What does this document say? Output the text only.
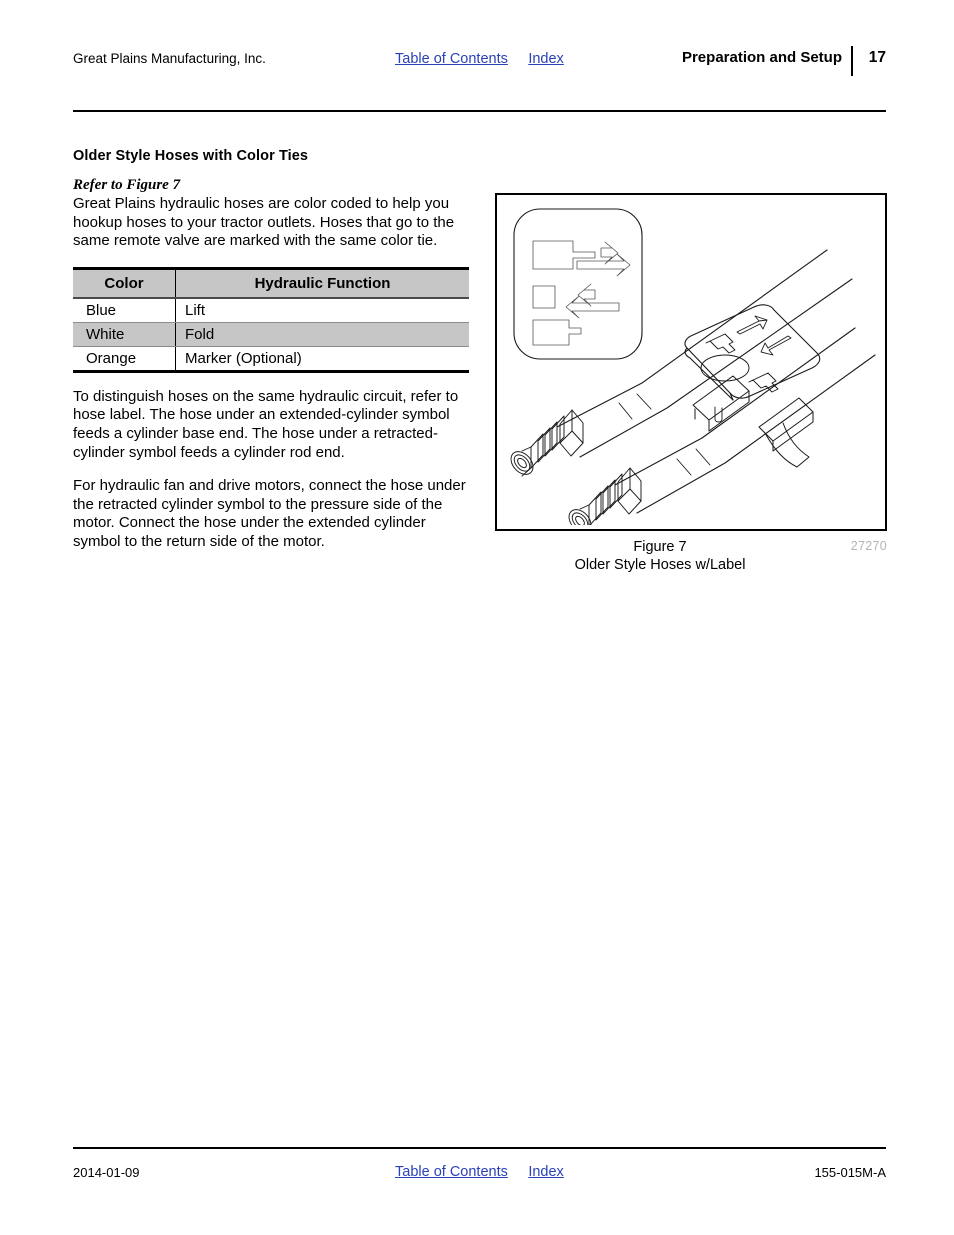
Great Plains Manufacturing, Inc.	Table of Contents Index	Preparation and Setup 17
Older Style Hoses with Color Ties

Refer to Figure 7

Great Plains hydraulic hoses are color coded to help you hookup hoses to your tractor outlets. Hoses that go to the same remote valve are marked with the same color tie.

Color	Hydraulic Function
Blue	Lift
White	Fold
Orange	Marker (Optional)

To distinguish hoses on the same hydraulic circuit, refer to hose label. The hose under an extended-cylinder symbol feeds a cylinder base end. The hose under a retracted-cylinder symbol feeds a cylinder rod end.

For hydraulic fan and drive motors, connect the hose under the retracted cylinder symbol to the pressure side of the motor. Connect the hose under the extended cylinder symbol to the return side of the motor.	Figure 7
Older Style Hoses w/Label
27270
2014-01-09	Table of Contents Index	155-015M-A
